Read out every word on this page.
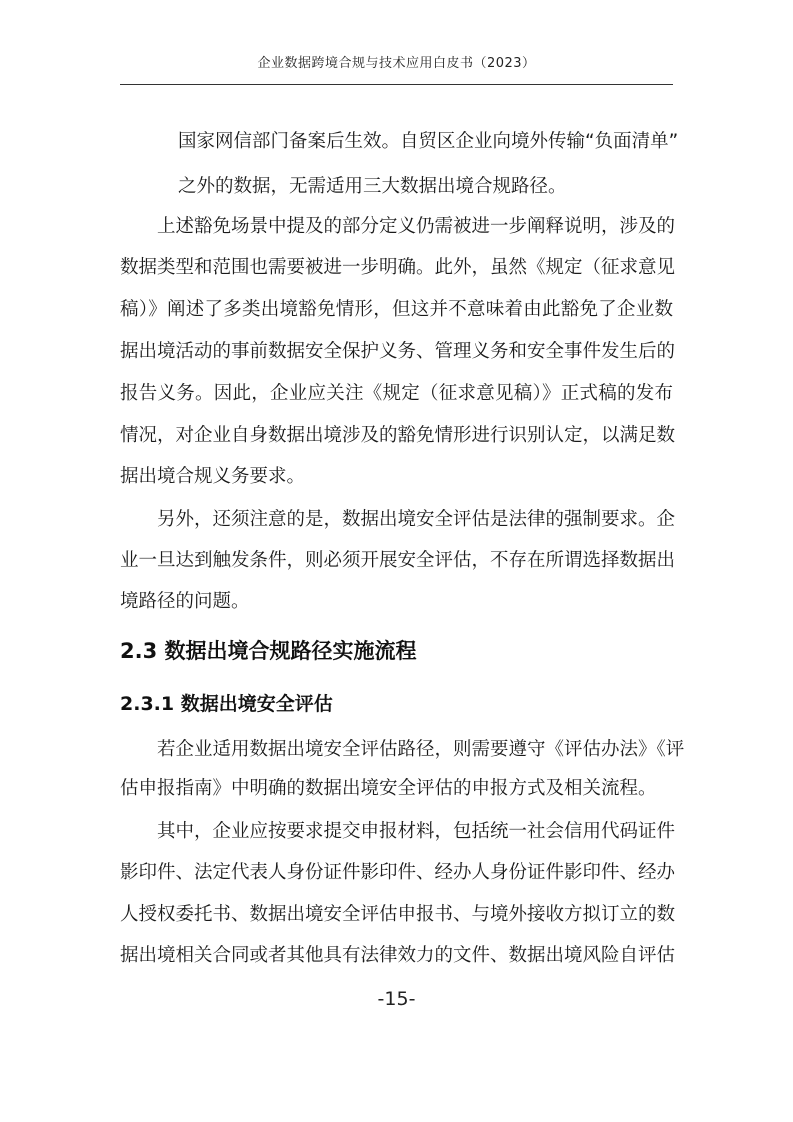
企业数据跨境合规与技术应用白皮书（2023）
国家网信部门备案后生效。自贸区企业向境外传输“负面清单”
之外的数据，无需适用三大数据出境合规路径。
上述豁免场景中提及的部分定义仍需被进一步阐释说明，涉及的
数据类型和范围也需要被进一步明确。此外，虽然《规定（征求意见
稿）》阐述了多类出境豁免情形，但这并不意味着由此豁免了企业数
据出境活动的事前数据安全保护义务、管理义务和安全事件发生后的
报告义务。因此，企业应关注《规定（征求意见稿）》正式稿的发布
情况，对企业自身数据出境涉及的豁免情形进行识别认定，以满足数
据出境合规义务要求。
另外，还须注意的是，数据出境安全评估是法律的强制要求。企
业一旦达到触发条件，则必须开展安全评估，不存在所谓选择数据出
境路径的问题。
2.3 数据出境合规路径实施流程
2.3.1 数据出境安全评估
若企业适用数据出境安全评估路径，则需要遵守《评估办法》《评
估申报指南》中明确的数据出境安全评估的申报方式及相关流程。
其中，企业应按要求提交申报材料，包括统一社会信用代码证件
影印件、法定代表人身份证件影印件、经办人身份证件影印件、经办
人授权委托书、数据出境安全评估申报书、与境外接收方拟订立的数
据出境相关合同或者其他具有法律效力的文件、数据出境风险自评估
-15-
